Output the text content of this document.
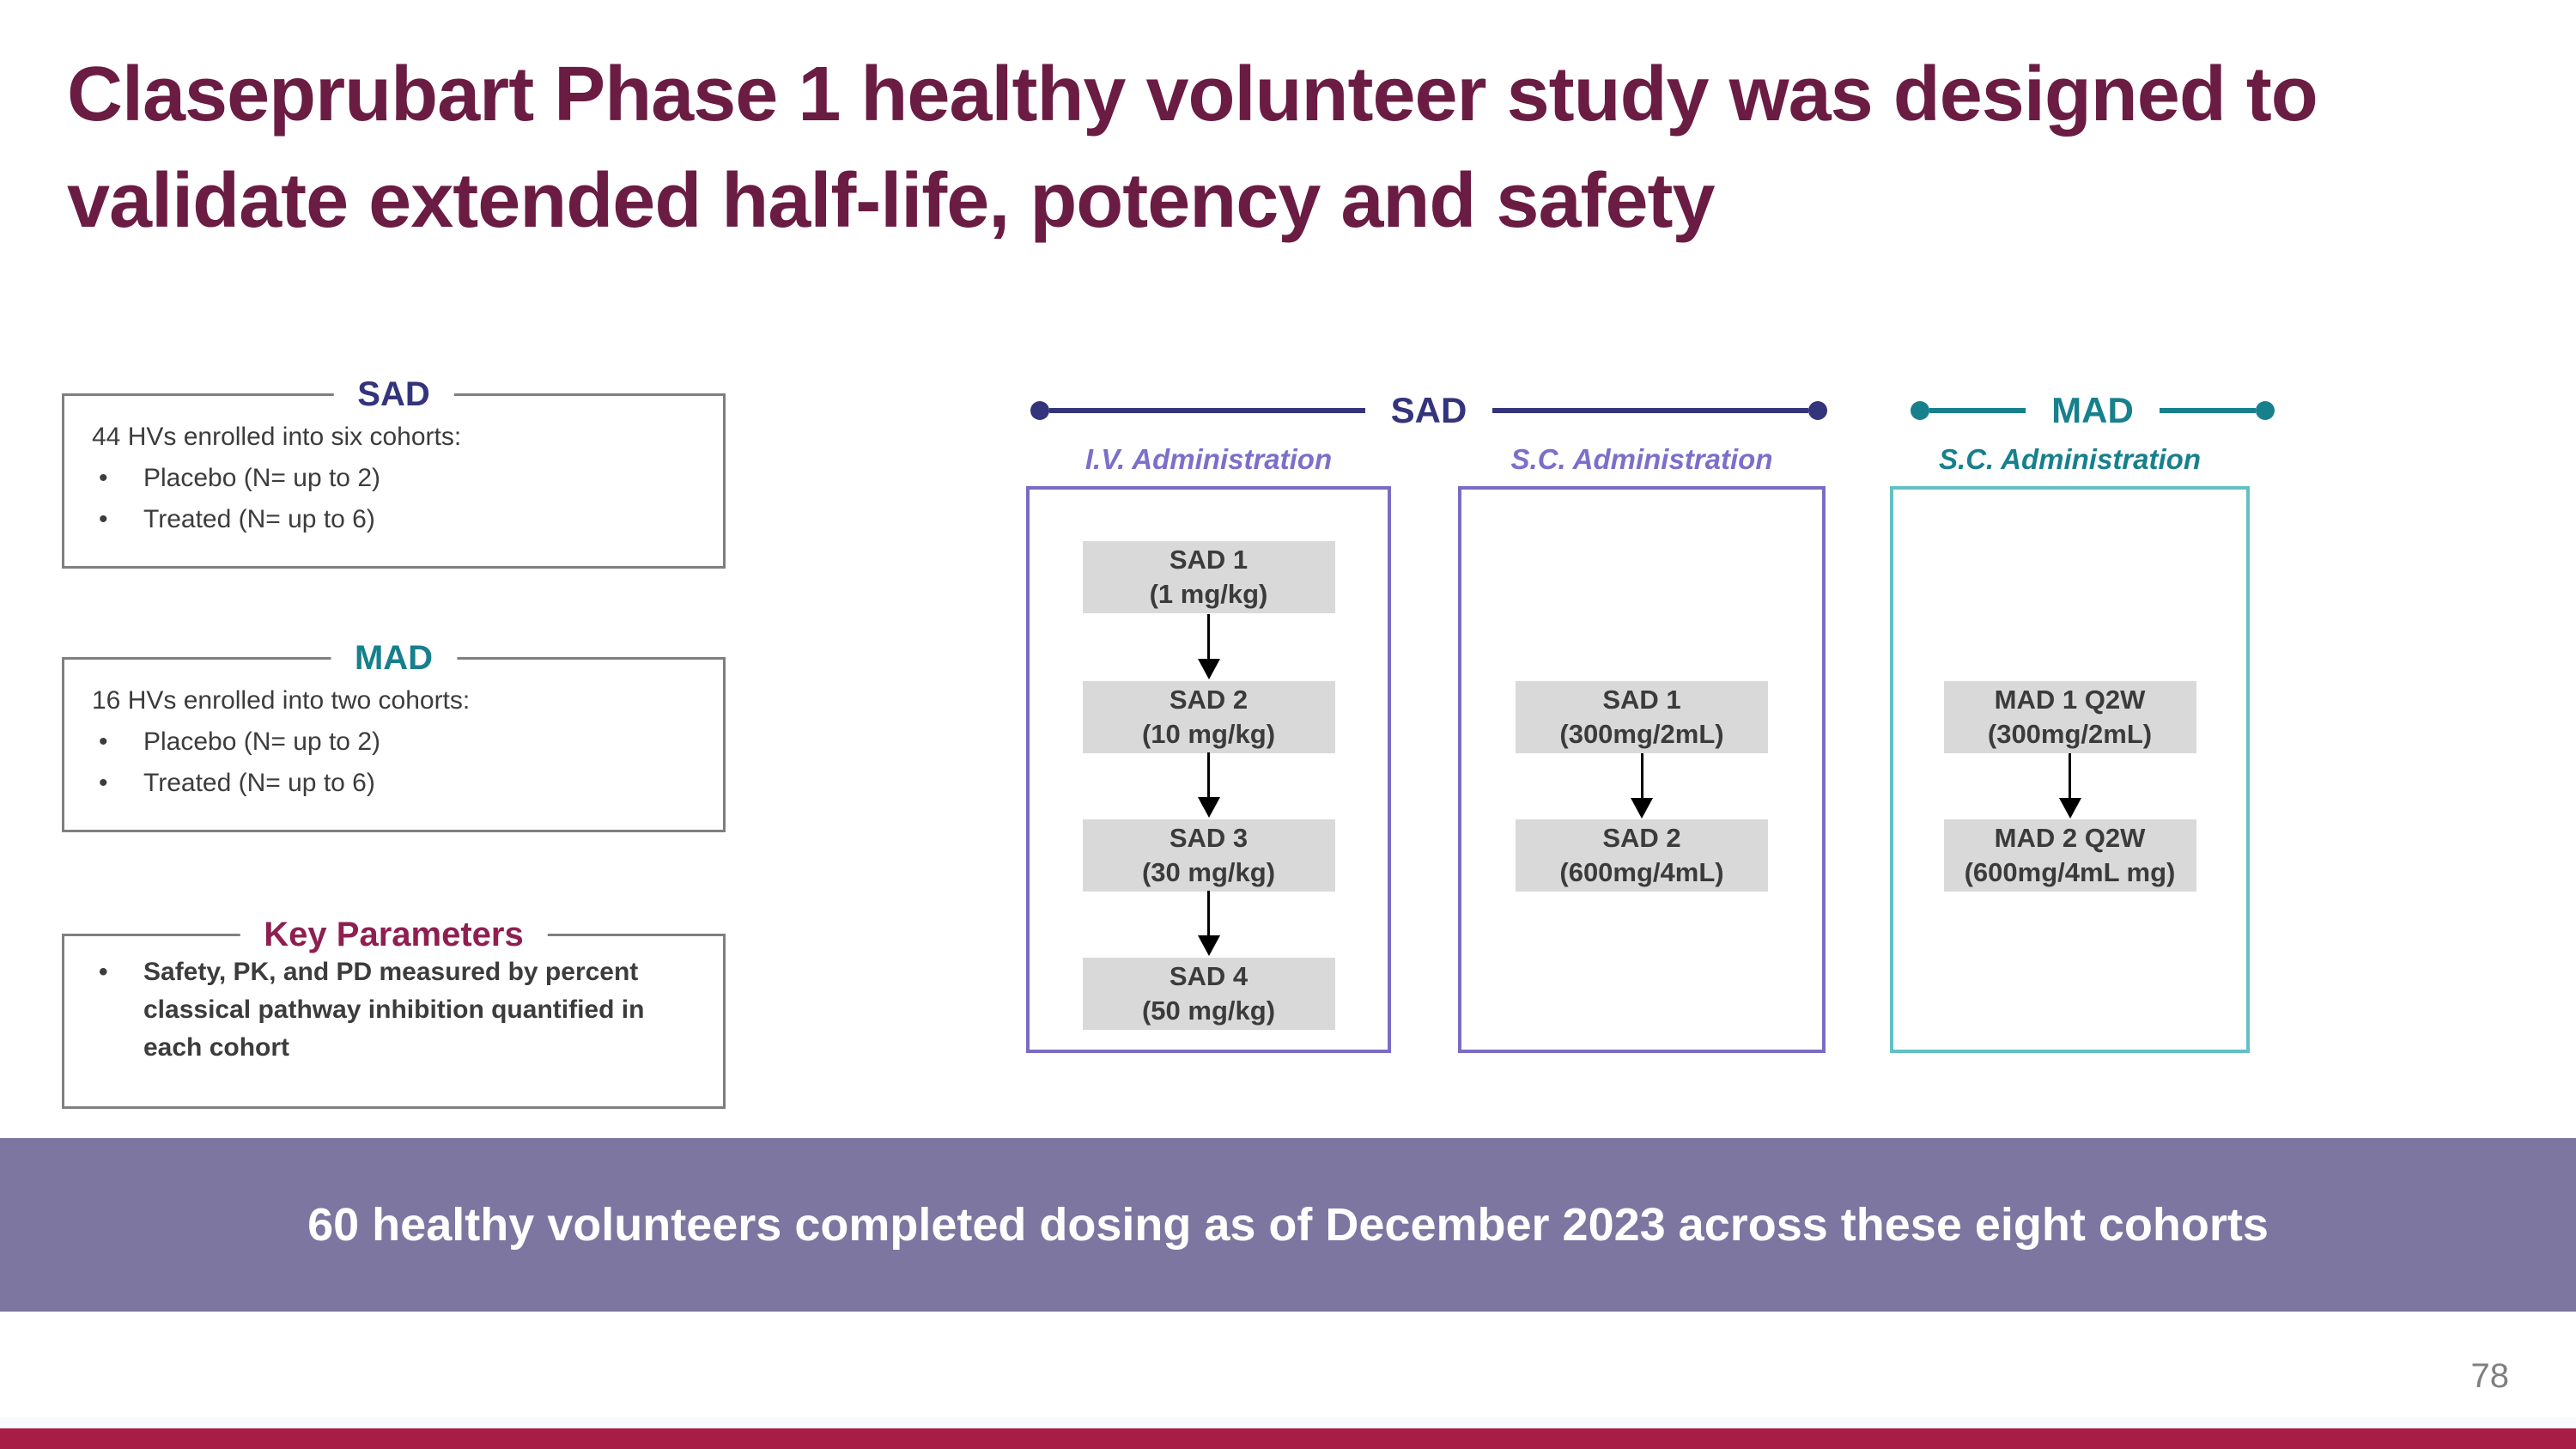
Claseprubart Phase 1 healthy volunteer study was designed to validate extended half-life, potency and safety
SAD
44 HVs enrolled into six cohorts:
•
Placebo (N= up to 2)
•
Treated (N= up to 6)
MAD
16 HVs enrolled into two cohorts:
•
Placebo (N= up to 2)
•
Treated (N= up to 6)
Key Parameters
•
Safety, PK, and PD measured by percent classical pathway inhibition quantified in each cohort
SAD	MAD
I.V. Administration	S.C. Administration	S.C. Administration
SAD 1
(1 mg/kg)
SAD 2
(10 mg/kg)
SAD 3
(30 mg/kg)
SAD 4
(50 mg/kg)
SAD 1
(300mg/2mL)
SAD 2
(600mg/4mL)
MAD 1 Q2W
(300mg/2mL)
MAD 2 Q2W
(600mg/4mL mg)
60 healthy volunteers completed dosing as of December 2023 across these eight cohorts
78
